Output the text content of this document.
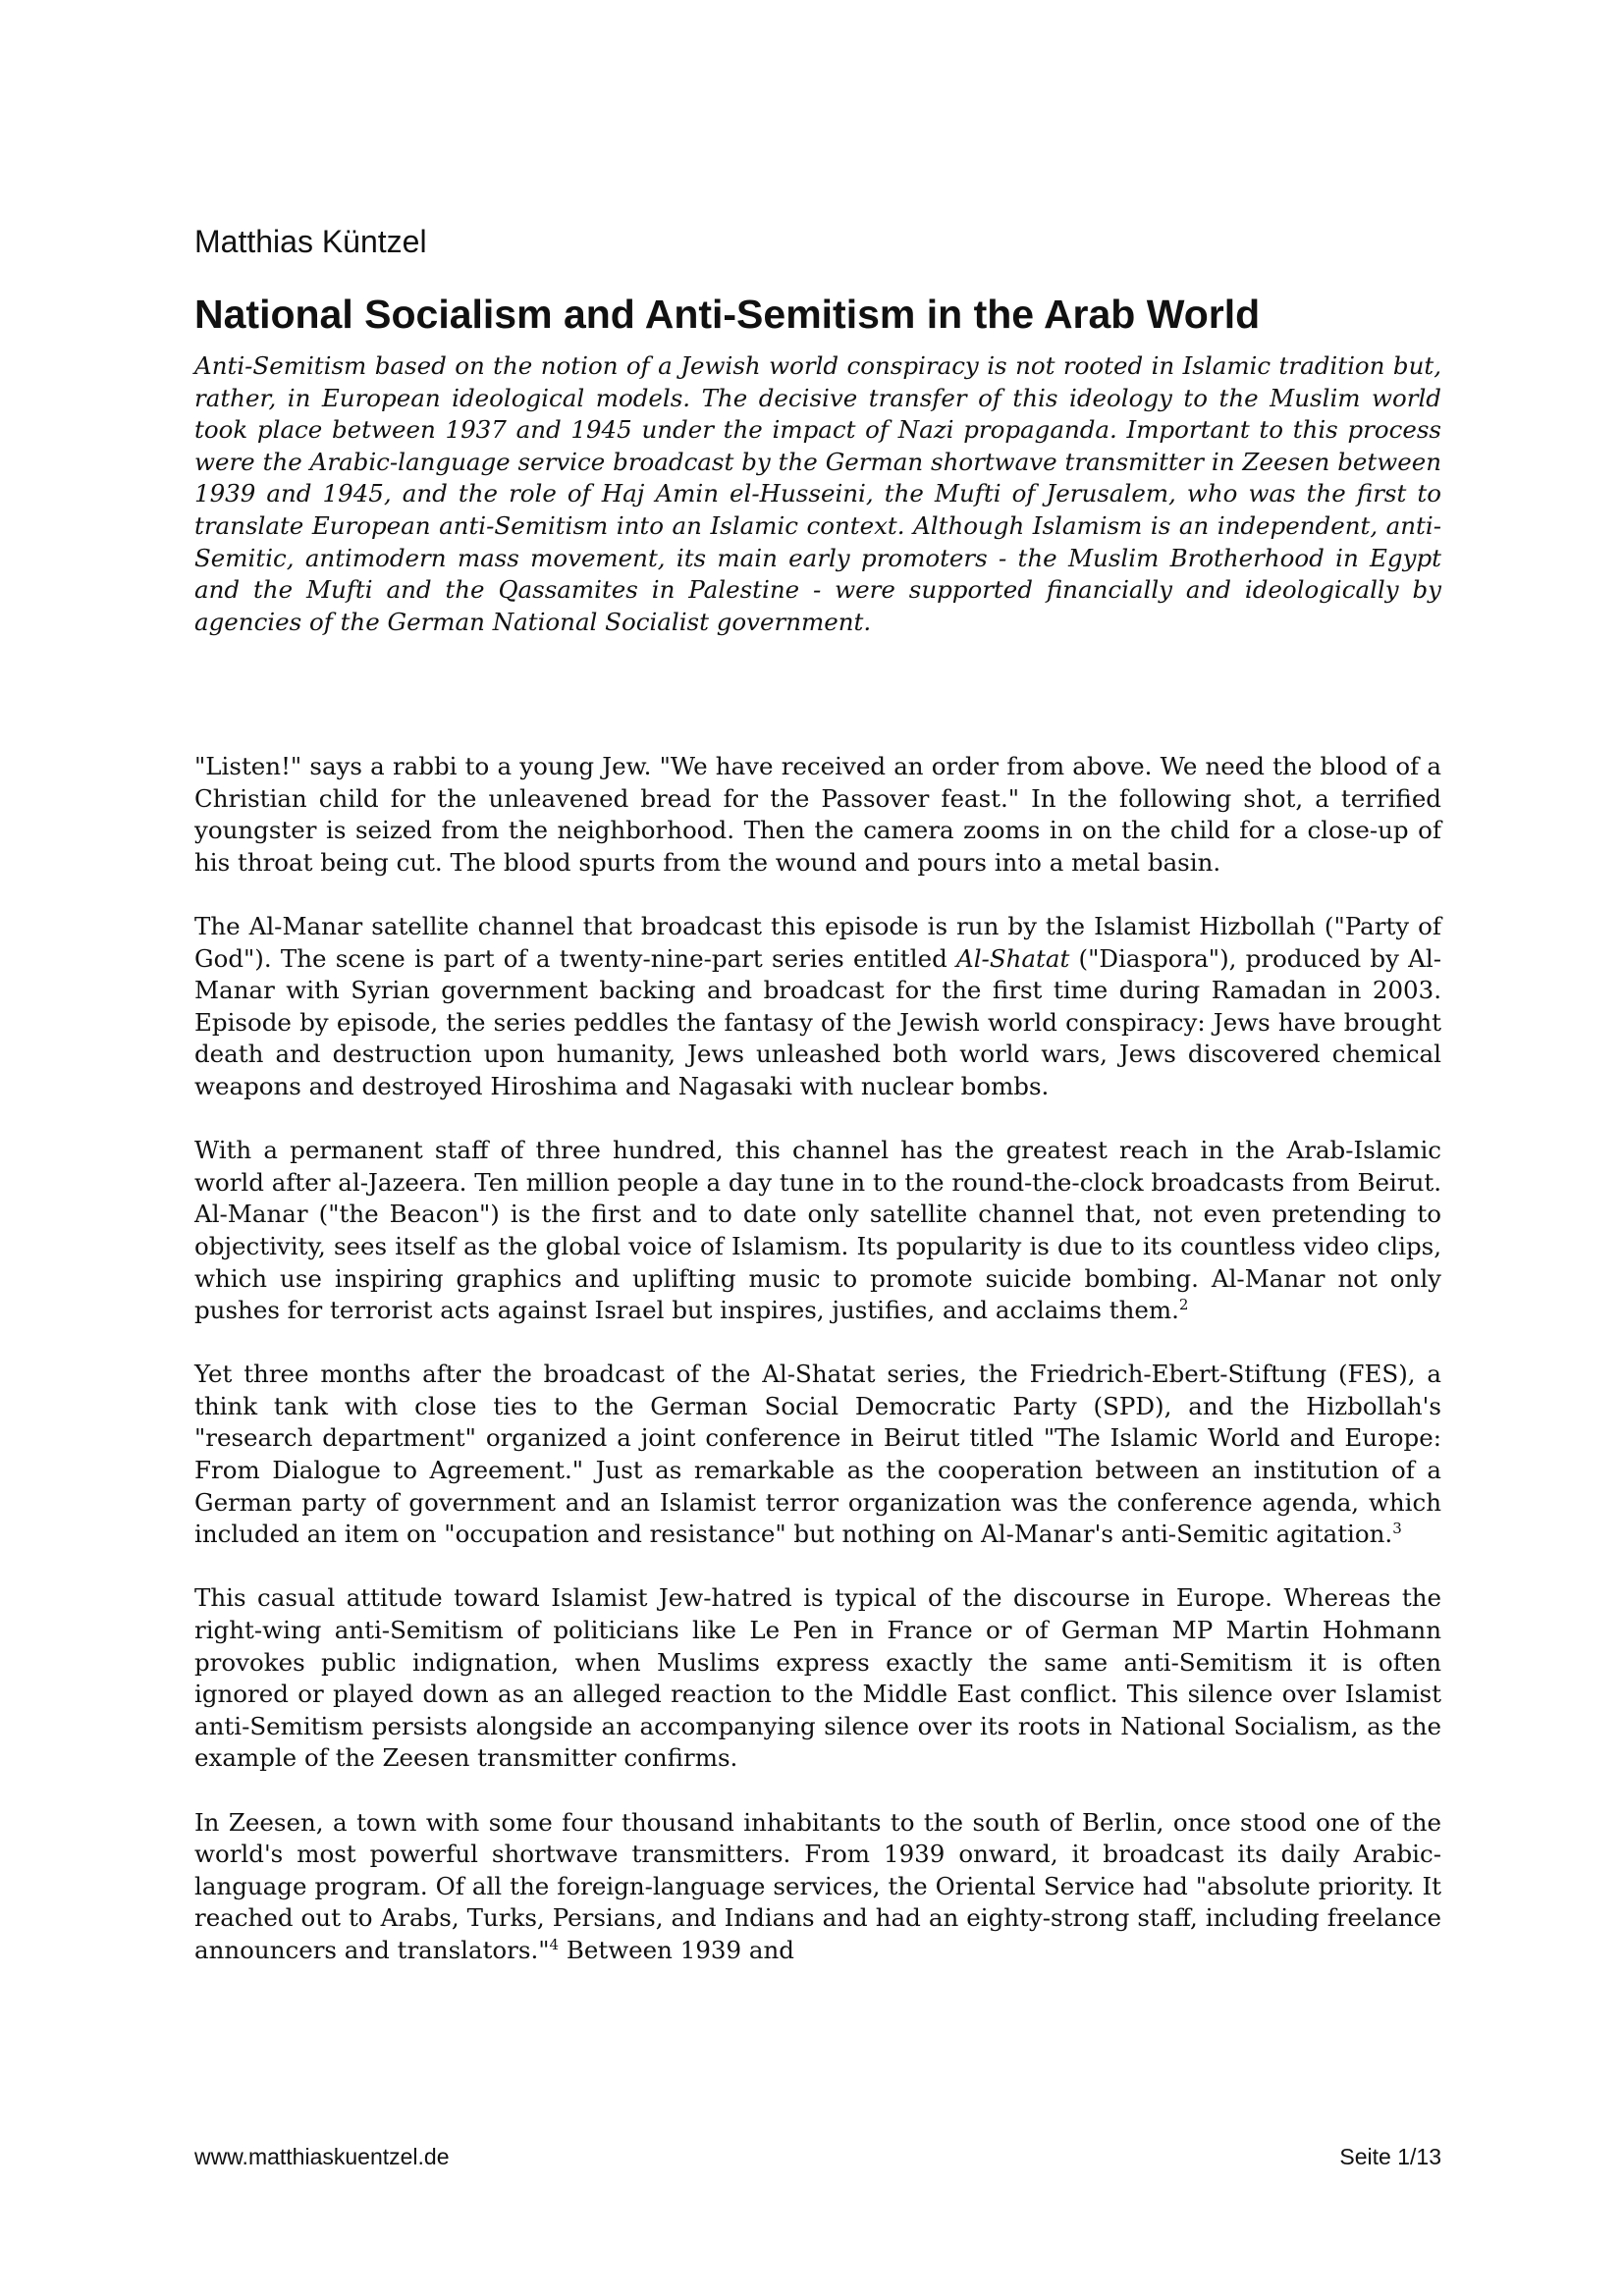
Matthias Küntzel
National Socialism and Anti-Semitism in the Arab World

Anti-Semitism based on the notion of a Jewish world conspiracy is not rooted in Islamic tradition but, rather, in European ideological models. The decisive transfer of this ideology to the Muslim world took place between 1937 and 1945 under the impact of Nazi propaganda. Important to this process were the Arabic-language service broadcast by the German shortwave transmitter in Zeesen between 1939 and 1945, and the role of Haj Amin el-Husseini, the Mufti of Jerusalem, who was the first to translate European anti-Semitism into an Islamic context. Although Islamism is an independent, anti-Semitic, antimodern mass movement, its main early promoters - the Muslim Brotherhood in Egypt and the Mufti and the Qassamites in Palestine - were supported financially and ideologically by agencies of the German National Socialist government.

"Listen!" says a rabbi to a young Jew. "We have received an order from above. We need the blood of a Christian child for the unleavened bread for the Passover feast." In the following shot, a terrified youngster is seized from the neighborhood. Then the camera zooms in on the child for a close-up of his throat being cut. The blood spurts from the wound and pours into a metal basin.

The Al-Manar satellite channel that broadcast this episode is run by the Islamist Hizbollah ("Party of God"). The scene is part of a twenty-nine-part series entitled Al-Shatat ("Diaspora"), produced by Al-Manar with Syrian government backing and broadcast for the first time during Ramadan in 2003. Episode by episode, the series peddles the fantasy of the Jewish world conspiracy: Jews have brought death and destruction upon humanity, Jews unleashed both world wars, Jews discovered chemical weapons and destroyed Hiroshima and Nagasaki with nuclear bombs.

With a permanent staff of three hundred, this channel has the greatest reach in the Arab-Islamic world after al-Jazeera. Ten million people a day tune in to the round-the-clock broadcasts from Beirut. Al-Manar ("the Beacon") is the first and to date only satellite channel that, not even pretending to objectivity, sees itself as the global voice of Islamism. Its popularity is due to its countless video clips, which use inspiring graphics and uplifting music to promote suicide bombing. Al-Manar not only pushes for terrorist acts against Israel but inspires, justifies, and acclaims them.$^2$

Yet three months after the broadcast of the Al-Shatat series, the Friedrich-Ebert-Stiftung (FES), a think tank with close ties to the German Social Democratic Party (SPD), and the Hizbollah's "research department" organized a joint conference in Beirut titled "The Islamic World and Europe: From Dialogue to Agreement." Just as remarkable as the cooperation between an institution of a German party of government and an Islamist terror organization was the conference agenda, which included an item on "occupation and resistance" but nothing on Al-Manar's anti-Semitic agitation.$^3$

This casual attitude toward Islamist Jew-hatred is typical of the discourse in Europe. Whereas the right-wing anti-Semitism of politicians like Le Pen in France or of German MP Martin Hohmann provokes public indignation, when Muslims express exactly the same anti-Semitism it is often ignored or played down as an alleged reaction to the Middle East conflict. This silence over Islamist anti-Semitism persists alongside an accompanying silence over its roots in National Socialism, as the example of the Zeesen transmitter confirms.

In Zeesen, a town with some four thousand inhabitants to the south of Berlin, once stood one of the world's most powerful shortwave transmitters. From 1939 onward, it broadcast its daily Arabic-language program. Of all the foreign-language services, the Oriental Service had "absolute priority. It reached out to Arabs, Turks, Persians, and Indians and had an eighty-strong staff, including freelance announcers and translators."$^4$ Between 1939 and

www.matthiaskuentzel.de	Seite 1/13
